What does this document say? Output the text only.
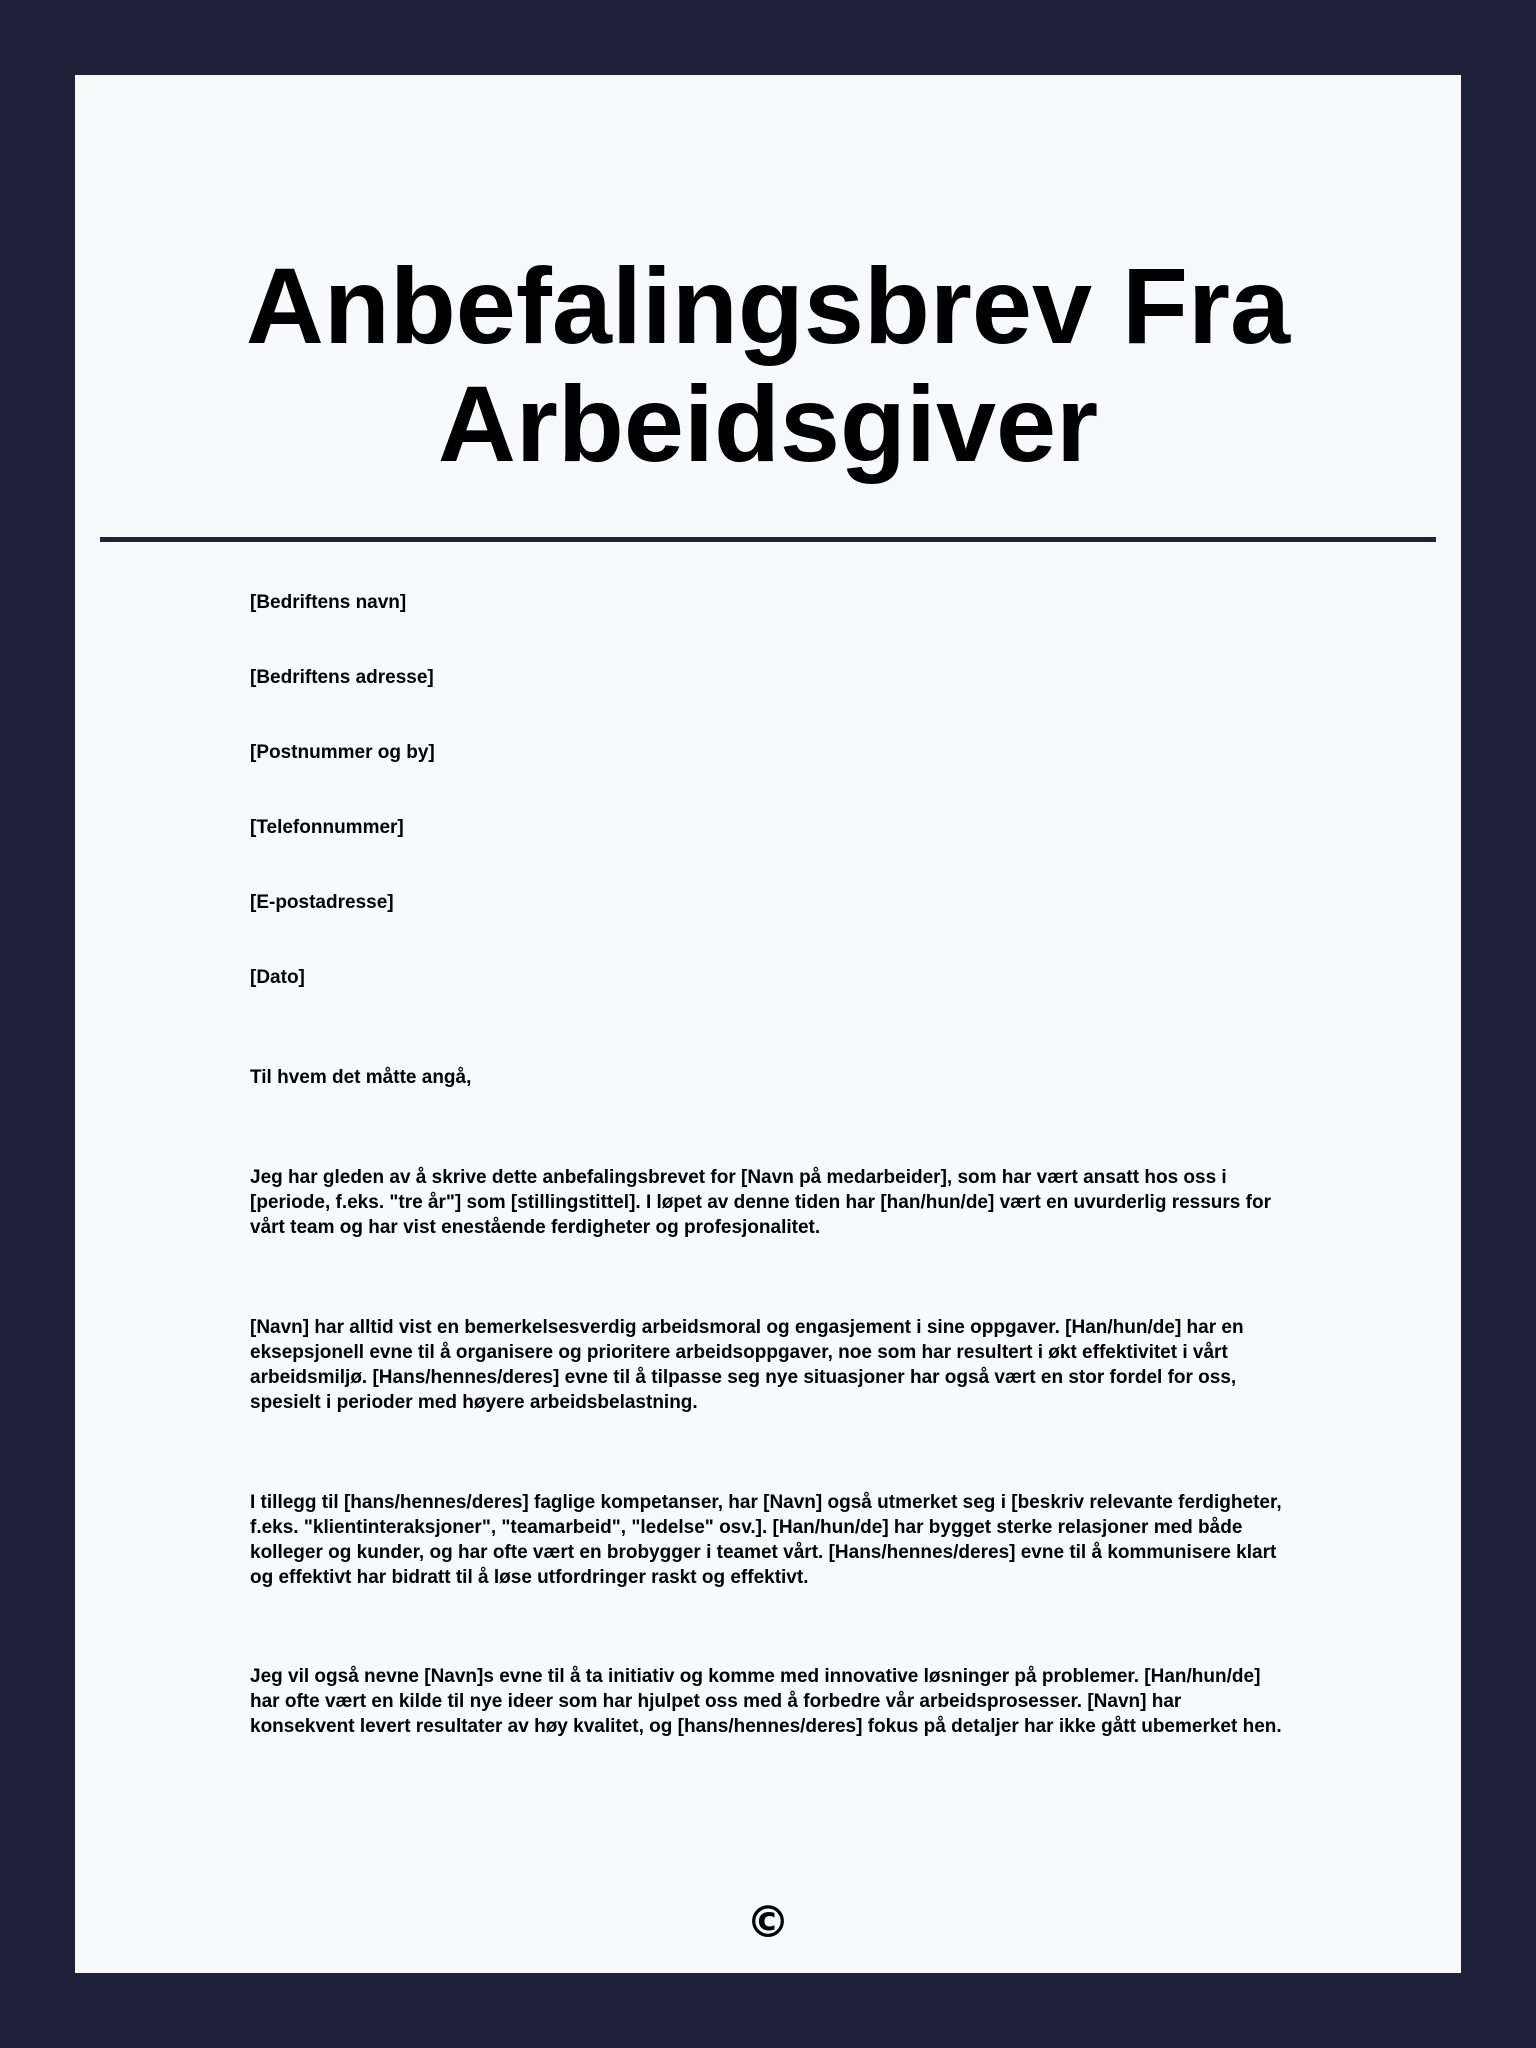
Anbefalingsbrev Fra
Arbeidsgiver

[Bedriftens navn]

[Bedriftens adresse]

[Postnummer og by]

[Telefonnummer]

[E-postadresse]

[Dato]

Til hvem det måtte angå,

Jeg har gleden av å skrive dette anbefalingsbrevet for [Navn på medarbeider], som har vært ansatt hos oss i [periode, f.eks. "tre år"] som [stillingstittel]. I løpet av denne tiden har [han/hun/de] vært en uvurderlig ressurs for vårt team og har vist enestående ferdigheter og profesjonalitet.

[Navn] har alltid vist en bemerkelsesverdig arbeidsmoral og engasjement i sine oppgaver. [Han/hun/de] har en eksepsjonell evne til å organisere og prioritere arbeidsoppgaver, noe som har resultert i økt effektivitet i vårt arbeidsmiljø. [Hans/hennes/deres] evne til å tilpasse seg nye situasjoner har også vært en stor fordel for oss, spesielt i perioder med høyere arbeidsbelastning.

I tillegg til [hans/hennes/deres] faglige kompetanser, har [Navn] også utmerket seg i [beskriv relevante ferdigheter, f.eks. "klientinteraksjoner", "teamarbeid", "ledelse" osv.]. [Han/hun/de] har bygget sterke relasjoner med både kolleger og kunder, og har ofte vært en brobygger i teamet vårt. [Hans/hennes/deres] evne til å kommunisere klart og effektivt har bidratt til å løse utfordringer raskt og effektivt.

Jeg vil også nevne [Navn]s evne til å ta initiativ og komme med innovative løsninger på problemer. [Han/hun/de] har ofte vært en kilde til nye ideer som har hjulpet oss med å forbedre vår arbeidsprosesser. [Navn] har konsekvent levert resultater av høy kvalitet, og [hans/hennes/deres] fokus på detaljer har ikke gått ubemerket hen.

©
